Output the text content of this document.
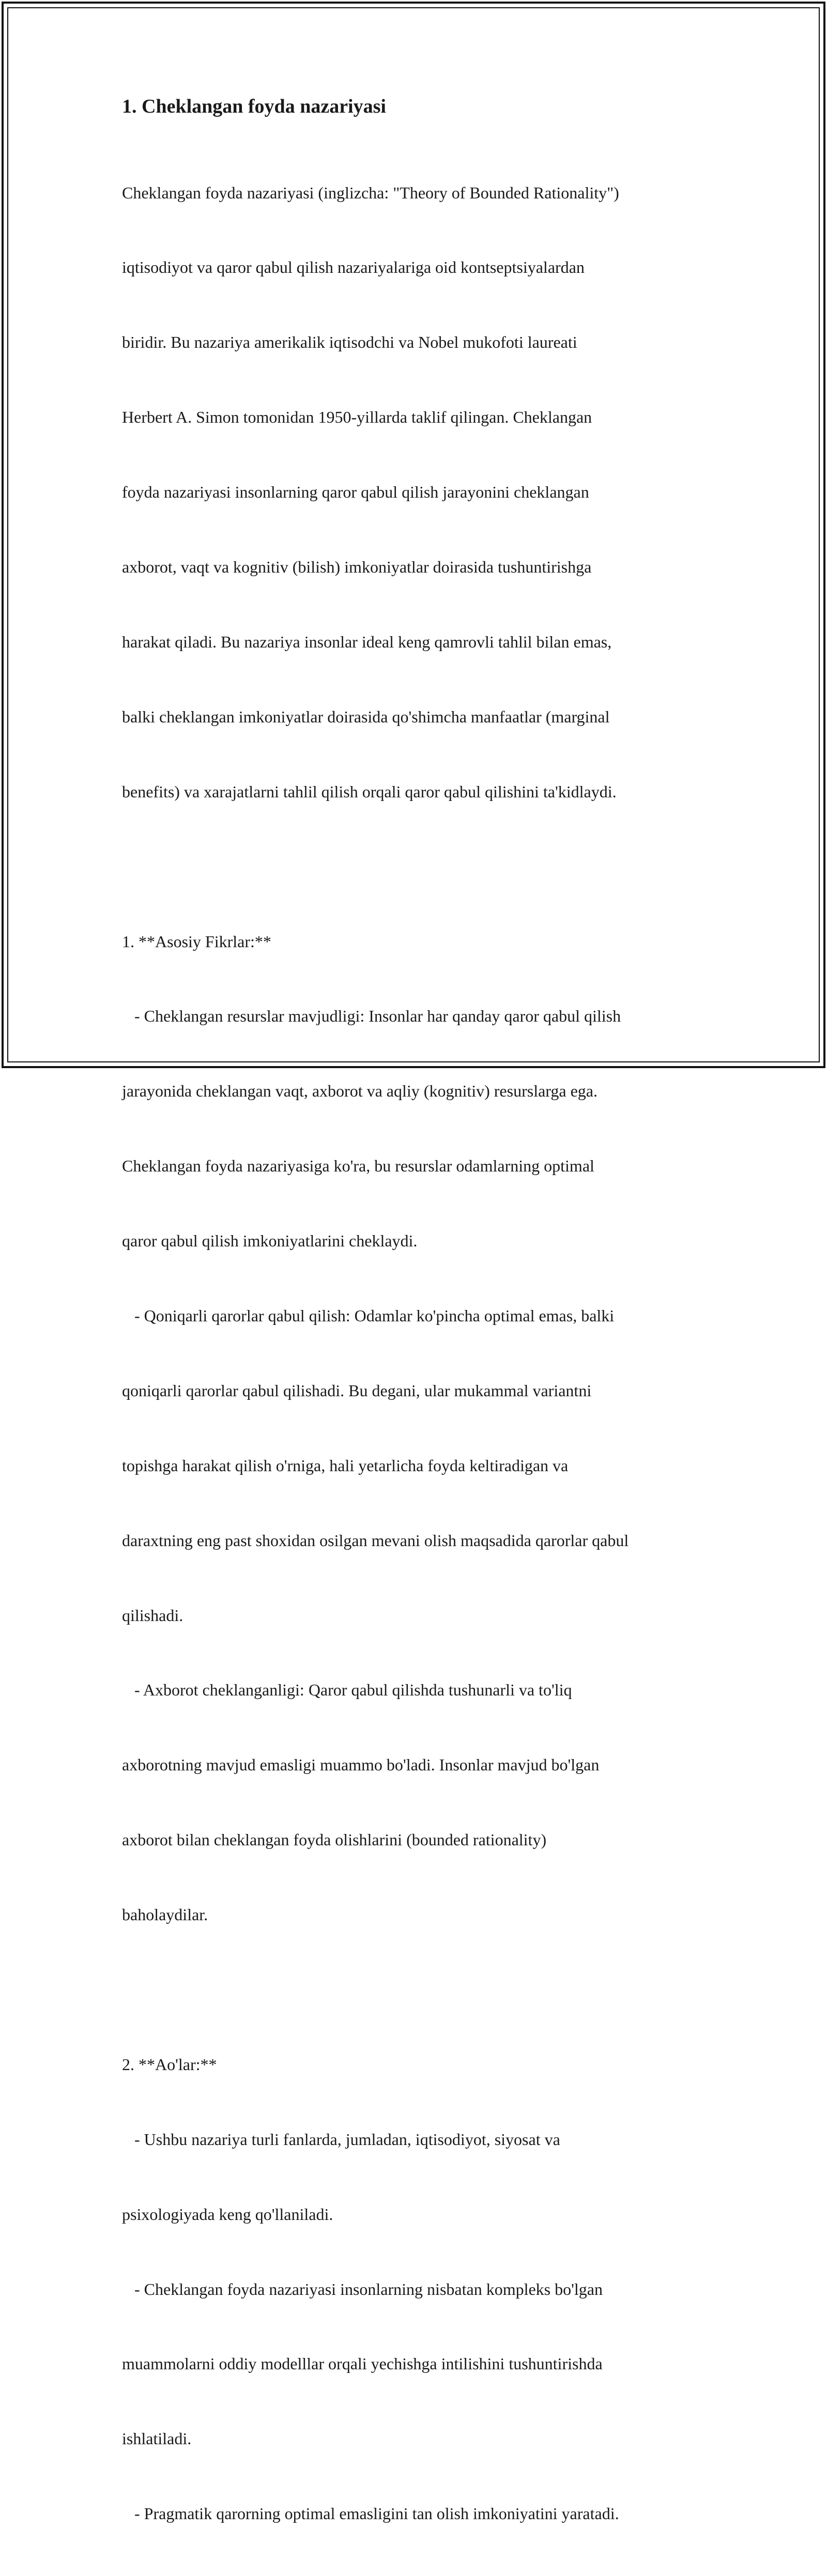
1. Cheklangan foyda nazariyasi

Cheklangan foyda nazariyasi (inglizcha: "Theory of Bounded Rationality")

iqtisodiyot va qaror qabul qilish nazariyalariga oid kontseptsiyalardan

biridir. Bu nazariya amerikalik iqtisodchi va Nobel mukofoti laureati

Herbert A. Simon tomonidan 1950-yillarda taklif qilingan. Cheklangan

foyda nazariyasi insonlarning qaror qabul qilish jarayonini cheklangan

axborot, vaqt va kognitiv (bilish) imkoniyatlar doirasida tushuntirishga

harakat qiladi. Bu nazariya insonlar ideal keng qamrovli tahlil bilan emas,

balki cheklangan imkoniyatlar doirasida qo'shimcha manfaatlar (marginal

benefits) va xarajatlarni tahlil qilish orqali qaror qabul qilishini ta'kidlaydi.

1. **Asosiy Fikrlar:**

- Cheklangan resurslar mavjudligi: Insonlar har qanday qaror qabul qilish

jarayonida cheklangan vaqt, axborot va aqliy (kognitiv) resurslarga ega.

Cheklangan foyda nazariyasiga ko'ra, bu resurslar odamlarning optimal

qaror qabul qilish imkoniyatlarini cheklaydi.

- Qoniqarli qarorlar qabul qilish: Odamlar ko'pincha optimal emas, balki

qoniqarli qarorlar qabul qilishadi. Bu degani, ular mukammal variantni

topishga harakat qilish o'rniga, hali yetarlicha foyda keltiradigan va

daraxtning eng past shoxidan osilgan mevani olish maqsadida qarorlar qabul

qilishadi.

- Axborot cheklanganligi: Qaror qabul qilishda tushunarli va to'liq

axborotning mavjud emasligi muammo bo'ladi. Insonlar mavjud bo'lgan

axborot bilan cheklangan foyda olishlarini (bounded rationality)

baholaydilar.

2. **Ao'lar:**

- Ushbu nazariya turli fanlarda, jumladan, iqtisodiyot, siyosat va

psixologiyada keng qo'llaniladi.

- Cheklangan foyda nazariyasi insonlarning nisbatan kompleks bo'lgan

muammolarni oddiy modelllar orqali yechishga intilishini tushuntirishda

ishlatiladi.

- Pragmatik qarorning optimal emasligini tan olish imkoniyatini yaratadi.
